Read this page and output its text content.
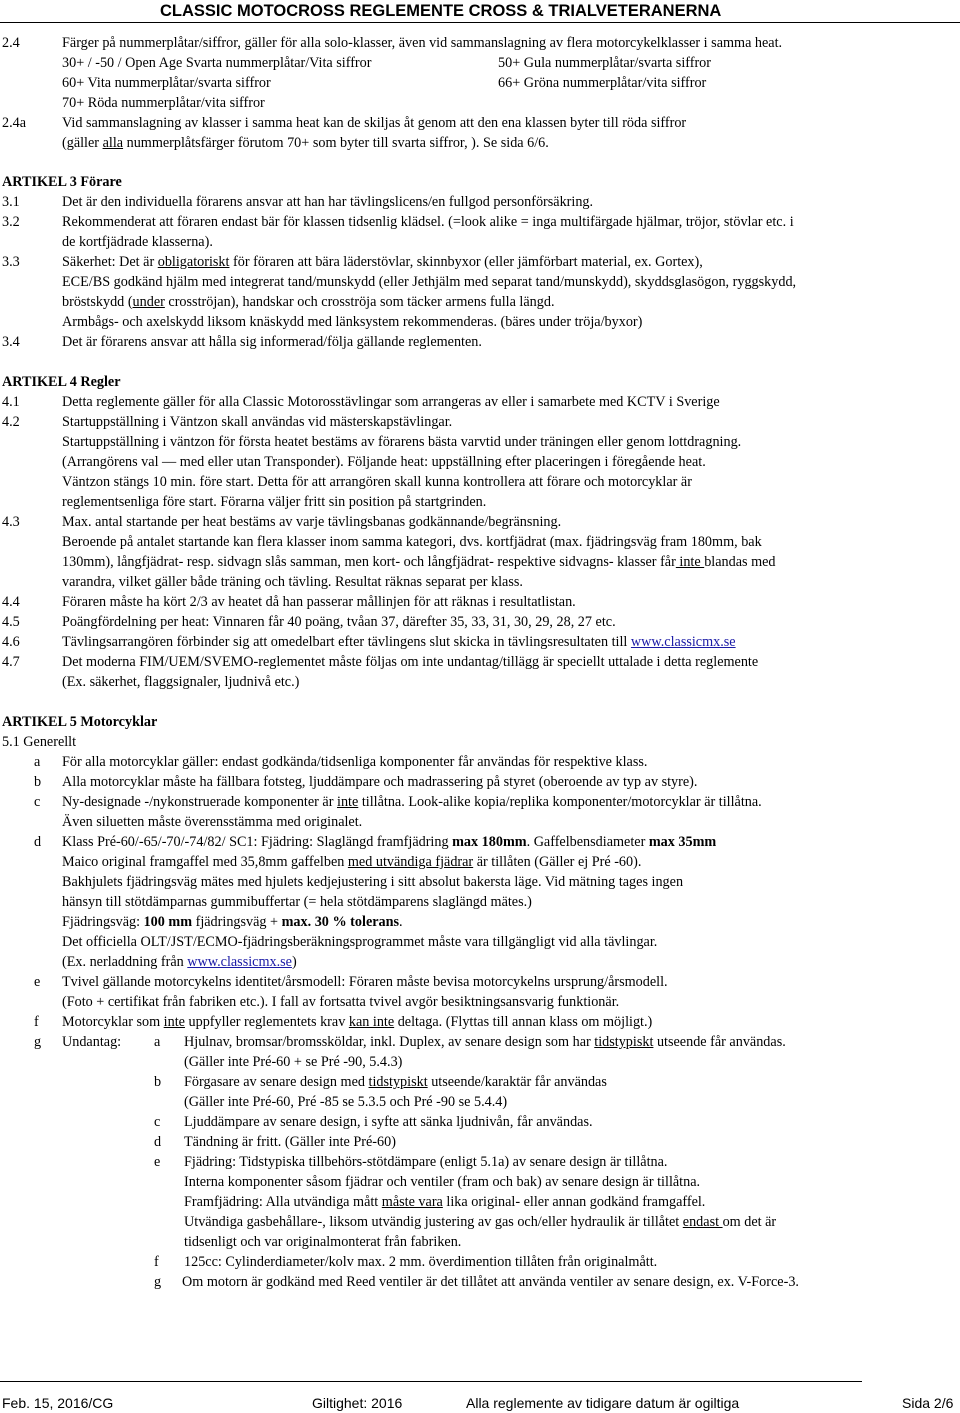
CLASSIC MOTOCROSS REGLEMENTE CROSS & TRIALVETERANERNA
2.4	Färger på nummerplåtar/siffror, gäller för alla solo-klasser, även vid sammanslagning av flera motorcykelklasser i samma heat.
30+ / -50 / Open Age Svarta nummerplåtar/Vita siffror	50+ Gula nummerplåtar/svarta siffror
60+ Vita nummerplåtar/svarta siffror	66+ Gröna nummerplåtar/vita siffror
70+ Röda nummerplåtar/vita siffror
2.4a	Vid sammanslagning av klasser i samma heat kan de skiljas åt genom att den ena klassen byter till röda siffror
(gäller alla nummerplåtsfärger förutom 70+ som byter till svarta siffror, ). Se sida 6/6.
ARTIKEL 3 Förare
3.1	Det är den individuella förarens ansvar att han har tävlingslicens/en fullgod personförsäkring.
3.2	Rekommenderat att föraren endast bär för klassen tidsenlig klädsel. (=look alike = inga multifärgade hjälmar, tröjor, stövlar etc. i
de kortfjädrade klasserna).
3.3	Säkerhet: Det är obligatoriskt för föraren att bära läderstövlar, skinnbyxor (eller jämförbart material, ex. Gortex),
ECE/BS godkänd hjälm med integrerat tand/munskydd (eller Jethjälm med separat tand/munskydd), skyddsglasögon, ryggskydd,
bröstskydd (under crosströjan), handskar och crosströja som täcker armens fulla längd.
Armbågs- och axelskydd liksom knäskydd med länksystem rekommenderas. (bäres under tröja/byxor)
3.4	Det är förarens ansvar att hålla sig informerad/följa gällande reglementen.
ARTIKEL 4 Regler
4.1	Detta reglemente gäller för alla Classic Motorosstävlingar som arrangeras av eller i samarbete med KCTV i Sverige
4.2	Startuppställning i Väntzon skall användas vid mästerskapstävlingar.
Startuppställning i väntzon för första heatet bestäms av förarens bästa varvtid under träningen eller genom lottdragning.
(Arrangörens val — med eller utan Transponder). Följande heat: uppställning efter placeringen i föregående heat.
Väntzon stängs 10 min. före start. Detta för att arrangören skall kunna kontrollera att förare och motorcyklar är
reglementsenliga före start. Förarna väljer fritt sin position på startgrinden.
4.3	Max. antal startande per heat bestäms av varje tävlingsbanas godkännande/begränsning.
Beroende på antalet startande kan flera klasser inom samma kategori, dvs. kortfjädrat (max. fjädringsväg fram 180mm, bak
130mm), långfjädrat- resp. sidvagn slås samman, men kort- och långfjädrat- respektive sidvagns- klasser får inte blandas med
varandra, vilket gäller både träning och tävling. Resultat räknas separat per klass.
4.4	Föraren måste ha kört 2/3 av heatet då han passerar mållinjen för att räknas i resultatlistan.
4.5	Poängfördelning per heat: Vinnaren får 40 poäng, tvåan 37, därefter 35, 33, 31, 30, 29, 28, 27 etc.
4.6	Tävlingsarrangören förbinder sig att omedelbart efter tävlingens slut skicka in tävlingsresultaten till www.classicmx.se
4.7	Det moderna FIM/UEM/SVEMO-reglementet måste följas om inte undantag/tillägg är speciellt uttalade i detta reglemente
(Ex. säkerhet, flaggsignaler, ljudnivå etc.)
ARTIKEL 5 Motorcyklar
5.1 Generellt
a För alla motorcyklar gäller: endast godkända/tidsenliga komponenter får användas för respektive klass.
b Alla motorcyklar måste ha fällbara fotsteg, ljuddämpare och madrassering på styret (oberoende av typ av styre).
c Ny-designade -/nykonstruerade komponenter är inte tillåtna. Look-alike kopia/replika komponenter/motorcyklar är tillåtna.
Även siluetten måste överensstämma med originalet.
d Klass Pré-60/-65/-70/-74/82/ SC1: Fjädring: Slaglängd framfjädring max 180mm. Gaffelbensdiameter max 35mm
Maico original framgaffel med 35,8mm gaffelben med utvändiga fjädrar är tillåten (Gäller ej Pré -60).
Bakhjulets fjädringsväg mätes med hjulets kedjejustering i sitt absolut bakersta läge. Vid mätning tages ingen
hänsyn till stötdämparnas gummibuffertar (= hela stötdämparens slaglängd mätes.)
Fjädringsväg: 100 mm fjädringsväg + max. 30 % tolerans.
Det officiella OLT/JST/ECMO-fjädringsberäkningsprogrammet måste vara tillgängligt vid alla tävlingar.
(Ex. nerladdning från www.classicmx.se)
e Tvivel gällande motorcykelns identitet/årsmodell: Föraren måste bevisa motorcykelns ursprung/årsmodell.
(Foto + certifikat från fabriken etc.). I fall av fortsatta tvivel avgör besiktningsansvarig funktionär.
f Motorcyklar som inte uppfyller reglementets krav kan inte deltaga. (Flyttas till annan klass om möjligt.)
g Undantag: a Hjulnav, bromsar/bromssköldar, inkl. Duplex, av senare design som har tidstypiskt utseende får användas.
(Gäller inte Pré-60 + se Pré -90, 5.4.3)
b Förgasare av senare design med tidstypiskt utseende/karaktär får användas
(Gäller inte Pré-60, Pré -85 se 5.3.5 och Pré -90 se 5.4.4)
c Ljuddämpare av senare design, i syfte att sänka ljudnivån, får användas.
d Tändning är fritt. (Gäller inte Pré-60)
e Fjädring: Tidstypiska tillbehörs-stötdämpare (enligt 5.1a) av senare design är tillåtna.
Interna komponenter såsom fjädrar och ventiler (fram och bak) av senare design är tillåtna.
Framfjädring: Alla utvändiga mått måste vara lika original- eller annan godkänd framgaffel.
Utvändiga gasbehållare-, liksom utvändig justering av gas och/eller hydraulik är tillåtet endast om det är
tidsenligt och var originalmonterat från fabriken.
f 125cc: Cylinderdiameter/kolv max. 2 mm. överdimention tillåten från originalmått.
g Om motorn är godkänd med Reed ventiler är det tillåtet att använda ventiler av senare design, ex. V-Force-3.
Feb. 15, 2016/CG	Giltighet: 2016	Alla reglemente av tidigare datum är ogiltiga	Sida 2/6
